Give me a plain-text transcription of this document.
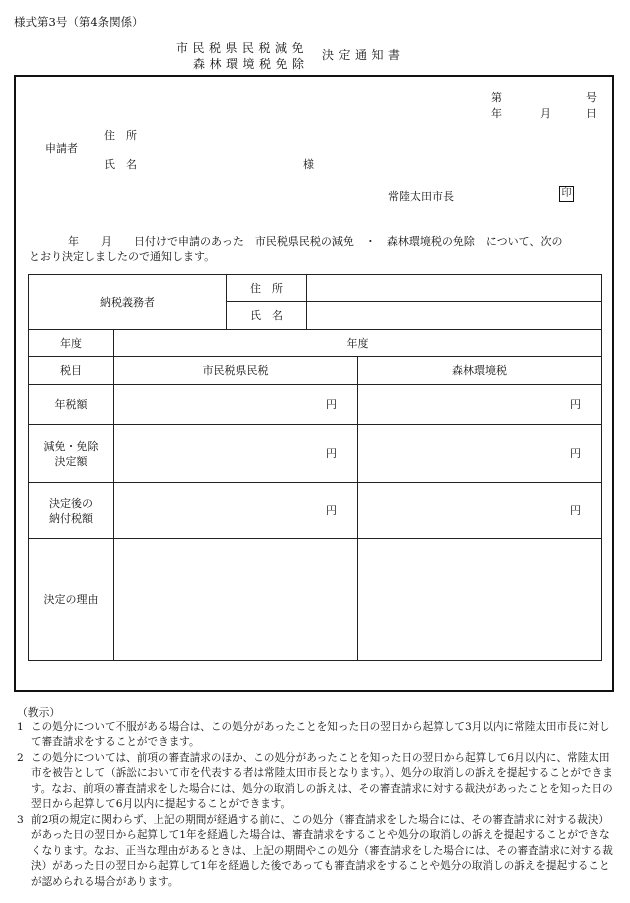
様式第3号（第4条関係）
市民税県民税減免
森林環境税免除
決定通知書
第	号
年	月	日
申請者
住　所
氏　名	様
常陸太田市長	印
年　　月　　日付けで申請のあった　市民税県民税の減免　・　森林環境税の免除　について、次の
とおり決定しましたので通知します。
納税義務者		住　所		
		氏　名		
年度	年度			
税目	市民税県民税			森林環境税
年税額	円			円
減免・免除
決定額	円			円
決定後の
納付税額	円			円
決定の理由				
（教示）
1 この処分について不服がある場合は、この処分があったことを知った日の翌日から起算して3月以内に常陸太田市長に対して審査請求をすることができます。
2 この処分については、前項の審査請求のほか、この処分があったことを知った日の翌日から起算して6月以内に、常陸太田市を被告として（訴訟において市を代表する者は常陸太田市長となります。）、処分の取消しの訴えを提起することができます。なお、前項の審査請求をした場合には、処分の取消しの訴えは、その審査請求に対する裁決があったことを知った日の翌日から起算して6月以内に提起することができます。
3 前2項の規定に関わらず、上記の期間が経過する前に、この処分（審査請求をした場合には、その審査請求に対する裁決）があった日の翌日から起算して1年を経過した場合は、審査請求をすることや処分の取消しの訴えを提起することができなくなります。なお、正当な理由があるときは、上記の期間やこの処分（審査請求をした場合には、その審査請求に対する裁決）があった日の翌日から起算して1年を経過した後であっても審査請求をすることや処分の取消しの訴えを提起することが認められる場合があります。
